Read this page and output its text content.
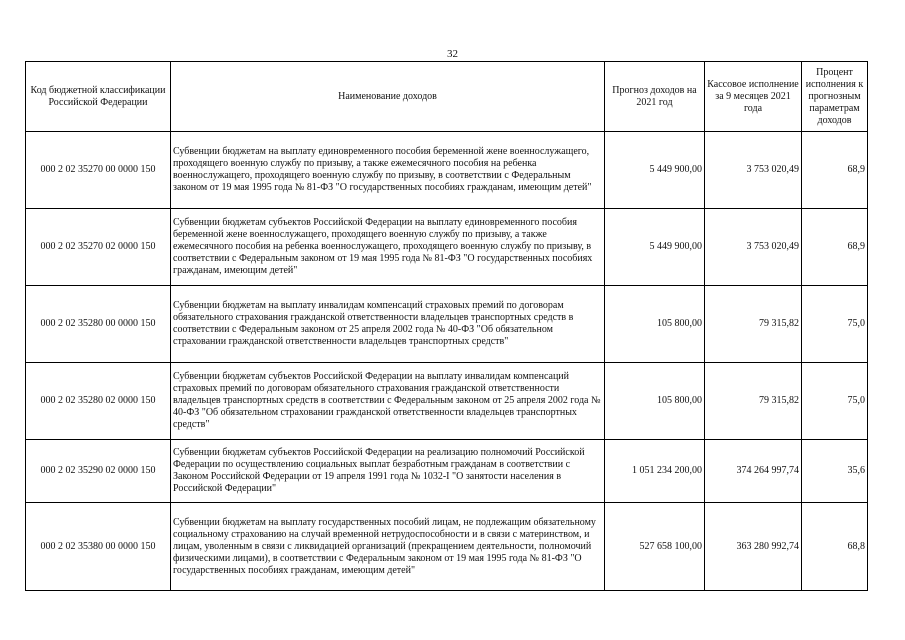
32
Код бюджетной классификации Российской Федерации	Наименование доходов	Прогноз доходов на 2021 год	Кассовое исполнение за 9 месяцев 2021 года	Процент исполнения к прогнозным параметрам доходов
000 2 02 35270 00 0000 150	Субвенции бюджетам на выплату единовременного пособия беременной жене военнослужащего, проходящего военную службу по призыву, а также ежемесячного пособия на ребенка военнослужащего, проходящего военную службу по призыву, в соответствии с Федеральным законом от 19 мая 1995 года № 81-ФЗ "О государственных пособиях гражданам, имеющим детей"	5 449 900,00	3 753 020,49	68,9
000 2 02 35270 02 0000 150	Субвенции бюджетам субъектов Российской Федерации на выплату единовременного пособия беременной жене военнослужащего, проходящего военную службу по призыву, а также ежемесячного пособия на ребенка военнослужащего, проходящего военную службу по призыву, в соответствии с Федеральным законом от 19 мая 1995 года № 81-ФЗ "О государственных пособиях гражданам, имеющим детей"	5 449 900,00	3 753 020,49	68,9
000 2 02 35280 00 0000 150	Субвенции бюджетам на выплату инвалидам компенсаций страховых премий по договорам обязательного страхования гражданской ответственности владельцев транспортных средств в соответствии с Федеральным законом от 25 апреля 2002 года № 40-ФЗ "Об обязательном страховании гражданской ответственности владельцев транспортных средств"	105 800,00	79 315,82	75,0
000 2 02 35280 02 0000 150	Субвенции бюджетам субъектов Российской Федерации на выплату инвалидам компенсаций страховых премий по договорам обязательного страхования гражданской ответственности владельцев транспортных средств в соответствии с Федеральным законом от 25 апреля 2002 года № 40-ФЗ "Об обязательном страховании гражданской ответственности владельцев транспортных средств"	105 800,00	79 315,82	75,0
000 2 02 35290 02 0000 150	Субвенции бюджетам субъектов Российской Федерации на реализацию полномочий Российской Федерации по осуществлению социальных выплат безработным гражданам в соответствии с Законом Российской Федерации от 19 апреля 1991 года № 1032-I "О занятости населения в Российской Федерации"	1 051 234 200,00	374 264 997,74	35,6
000 2 02 35380 00 0000 150	Субвенции бюджетам на выплату государственных пособий лицам, не подлежащим обязательному социальному страхованию на случай временной нетрудоспособности и в связи с материнством, и лицам, уволенным в связи с ликвидацией организаций (прекращением деятельности, полномочий физическими лицами), в соответствии с Федеральным законом от 19 мая 1995 года № 81-ФЗ "О государственных пособиях гражданам, имеющим детей"	527 658 100,00	363 280 992,74	68,8
